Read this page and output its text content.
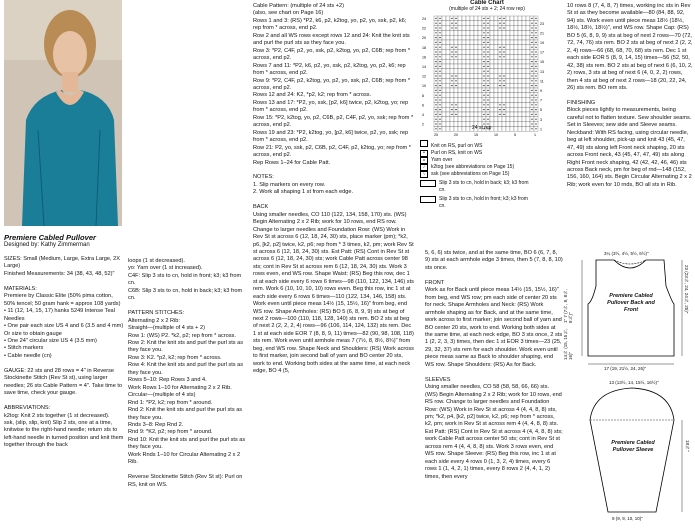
Premiere Cabled Pullover
Designed by: Kathy Zimmerman
SIZES: Small (Medium, Large, Extra Large, 2X Large)
Finished Measurements: 34 (38, 43, 48, 52)"

MATERIALS:
Premiere by Classic Elite (50% pima cotton, 50% tencel; 50 gram hank = approx 108 yards)
• 11 (12, 14, 15, 17) hanks 5249 Intense Teal
Needles
• One pair each size US 4 and 6 (3.5 and 4 mm)
Or size to obtain gauge
• One 24" circular size US 4 (3.5 mm)
• Stitch markers
• Cable needle (cn)

GAUGE: 22 sts and 28 rows = 4" in Reverse Stockinette Stitch (Rev St st), using larger needles; 26 sts Cable Pattern = 4". Take time to save time, check your gauge.

ABBREVIATIONS:
k2tog: Knit 2 sts together (1 st decreased).
ssk, (slip, slip, knit) Slip 2 sts, one at a time, knitwise to the right-hand needle; return sts to left-hand needle in turned position and knit them together through the back
loops (1 st decreased).
yo: Yarn over (1 st increased).
C4F: Slip 3 sts to cn, hold in front; k3; k3 from cn.
C6B: Slip 3 sts to cn, hold in back; k3; k3 from cn.

PATTERN STITCHES:
Alternating 2 x 2 Rib:
Straight—(multiple of 4 sts + 2)
Row 1: (WS) P2. *k2, p2; rep from * across.
Row 2: Knit the knit sts and purl the purl sts as they face you.
Row 3: K2. *p2, k2; rep from * across.
Row 4: Knit the knit sts and purl the purl sts as they face you.
Rows 5–10: Rep Rows 3 and 4.
Work Rows 1–10 for Alternating 2 x 2 Rib.
Circular—(multiple of 4 sts)
Rnd 1: *P2, k2; rep from * around.
Rnd 2: Knit the knit sts and purl the purl sts as they face you.
Rnds 3–8: Rep Rnd 2.
Rnd 9: *K2, p2; rep from * around.
Rnd 10: Knit the knit sts and purl the purl sts as they face you.
Work Rnds 1–10 for Circular Alternating 2 x 2 Rib.

Reverse Stockinette Stitch (Rev St st): Purl on RS, knit on WS.
Cable Pattern: (multiple of 24 sts +2)
(also, see chart on Page 16)
Rows 1 and 3: (RS) *P2, k6, p2, k2tog, yo, p2, yo, ssk, p2, k6; rep from * across, end p2.
Row 2 and all WS rows except rows 12 and 24: Knit the knit sts and purl the purl sts as they face you.
Row 3: *P2, C4F, p2, yo, ssk, p2, k2tog, yo, p2, C6B; rep from * across, end p2.
Rows 7 and 11: *P2, k6, p2, yo, ssk, p2, k2tog, yo, p2, k6; rep from * across, end p2.
Row 9: *P2, C4F, p2, k2tog, yo, p2, yo, ssk, p2, C6B; rep from * across, end p2.
Rows 12 and 24: K2, *p2, k2; rep from * across.
Rows 13 and 17: *P2, yo, ssk, [p2, k6] twice, p2, k2tog, yo; rep from * across, end p2.
Row 15: *P2, k2tog, yo, p2, C6B, p2, C4F, p2, yo, ssk; rep from * across, end p2.
Rows 19 and 23: *P2, k2tog, yo, [p2, k6] twice, p2, yo, ssk; rep from * across, end p2.
Row 21: P2, yo, ssk, p2, C6B, p2, C4F, p2, k2tog, yo; rep from * across, end p2.
Rep Rows 1–24 for Cable Patt.

NOTES:
1. Slip markers on every row.
2. Work all shaping 1 st from each edge.

BACK
Using smaller needles, CO 110 (122, 134, 158, 170) sts. (WS) Begin Alternating 2 x 2 Rib; work for 10 rows, end RS row. Change to larger needles and Foundation Row: (WS) Work in Rev St st across 6 (12, 18, 24, 30) sts, place marker (pm); *k2, p6, [k2, p2] twice, k2, p6; rep from * 3 times, k2, pm; work Rev St st across 6 (12, 18, 24, 30) sts. Est Patt: (RS) Cont in Rev St st across 6 (12, 18, 24, 30) sts; work Cable Patt across center 98 sts; cont in Rev St st across rem 6 (12, 18, 24, 30) sts. Work 3 rows even, end WS row. Shape Waist: (RS) Beg this row, dec 1 st at each side every 6 rows 6 times—98 (110, 122, 134, 146) sts rem. Work 6 (10, 10, 10, 10) rows even. Beg this row, inc 1 st at each side every 6 rows 6 times—110 (122, 134, 146, 158) sts. Work even until piece meas 14½ (15, 15½, 16)" from beg, end WS row. Shape Armholes: (RS) BO 5 (6, 8, 9, 9) sts at beg of next 2 rows—100 (110, 118, 128, 140) sts rem. BO 2 sts at beg of next 2 (2, 2, 2, 4) rows—96 (106, 114, 124, 132) sts rem. Dec 1 st at each side EOR 7 (8, 8, 9, 11) times—82 (90, 98, 108, 118) sts rem. Work even until armhole meas 7 (7½, 8, 8½, 8¾)" from beg, end WS row. Shape Neck and Shoulders: (RS) Work across to first marker, join second ball of yarn and BO center 20 sts, work to end. Working both sides at the same time, at each neck edge, BO 4 (5,
Cable Chart
(multiple of 24 sts + 2; 24 row rep)
24
22
20
18
16
14
12
10
8
6
4
2
23
21
19
17
15
13
11
9
7
5
3
1
25	20	15	10	5	1
24 st rep
Knit on RS, purl on WS
• Purl on RS, knit on WS
o Yarn over
/ k2tog (see abbreviations on Page 15)
\ ssk (see abbreviations on Page 15)
Slip 3 sts to cn, hold in back; k3; k3 from cn.
Slip 3 sts to cn, hold in front; k3; k3 from cn.
5, 6, 6) sts twice, and at the same time, BO 6 (6, 7, 8, 9) sts at each armhole edge 3 times, then 5 (7, 8, 8, 10) sts once.

FRONT
Work as for Back until piece meas 14½ (15, 15½, 16)" from beg, end WS row; pm each side of center 20 sts for neck. Shape Armholes and Neck: (RS) Work armhole shaping as for Back, and at the same time, work across to first marker; join second ball of yarn and BO center 20 sts, work to end. Working both sides at the same time, at each neck edge, BO 3 sts once, 2 sts 1 (2, 2, 3, 3) times, then dec 1 st EOR 3 times—23 (25, 29, 32, 37) sts rem for each shoulder. Work even until piece meas same as Back to shoulder shaping, end WS row. Shape Shoulders: (RS) As for Back.

SLEEVES
Using smaller needles, CO 58 (58, 58, 66, 66) sts. (WS) Begin Alternating 2 x 2 Rib; work for 10 rows, end RS row. Change to larger needles and Foundation Row: (WS) Work in Rev St st across 4 (4, 4, 8, 8) sts, pm; *k2, p4, [k2, p2] twice, k2, p6; rep from * across, k2, pm; work in Rev St st across rem 4 (4, 4, 8, 8) sts. Est Patt: (RS) Cont in Rev St st across 4 (4, 4, 8, 8) sts; work Cable Patt across center 50 sts; cont in Rev St st across rem 4 (4, 4, 8, 8) sts. Work 3 rows even, end WS row. Shape Sleeve: (RS) Beg this row, inc 1 st at each side every 4 rows 0 (1, 3, 2, 4) times, every 6 rows 1 (1, 4, 2, 1) times, every 8 rows 2 (4, 4, 1, 2) times, then every
10 rows 8 (7, 4, 8, 7) times, working inc sts in Rev St st as they become available—80 (84, 88, 92, 94) sts. Work even until piece meas 18½ (18½, 18½, 18½, 18½)", end WS row. Shape Cap: (RS) BO 5 (6, 8, 9, 9) sts at beg of next 2 rows—70 (72, 72, 74, 76) sts rem. BO 2 sts at beg of next 2 (2, 2, 2, 4) rows—66 (68, 68, 70, 68) sts rem. Dec 1 st each side EOR 5 (8, 9, 14, 15) times—56 (52, 50, 42, 38) sts rem. BO 2 sts at beg of next 6 (6, 10, 2, 2) rows, 3 sts at beg of next 6 (4, 0, 2, 2) rows, then 4 sts at beg of next 2 rows—18 (20, 22, 24, 26) sts rem. BO rem sts.

FINISHING
Block pieces lightly to measurements, being careful not to flatten texture. Sew shoulder seams. Set in Sleeves; sew side and Sleeve seams. Neckband: With RS facing, using circular needle, beg at left shoulder, pick-up and knit 43 (45, 47, 47, 49) sts along left Front neck shaping, 20 sts across Front neck, 43 (45, 47, 47, 49) sts along Right Front neck shaping, 42 (42, 42, 46, 46) sts across Back neck, pm for beg of rnd—148 (152, 156, 160, 164) sts. Begin Circular Alternating 2 x 2 Rib; work even for 10 rnds, BO all sts in Rib.
Premiere Cabled Pullover Back and Front
3¼ (3½, 4½, 5½, 6½)"
1" 7 (7½, 8, 8½, 8¾)"
14½ (15, 15½, 16)"
23 (23½, 24, 24½, 25)"
17 (19, 21½, 24, 26)"
13 (13½, 14, 15½, 16½)"
Premiere Cabled Pullover Sleeve	18½"
9 (9, 9, 10, 10)"
